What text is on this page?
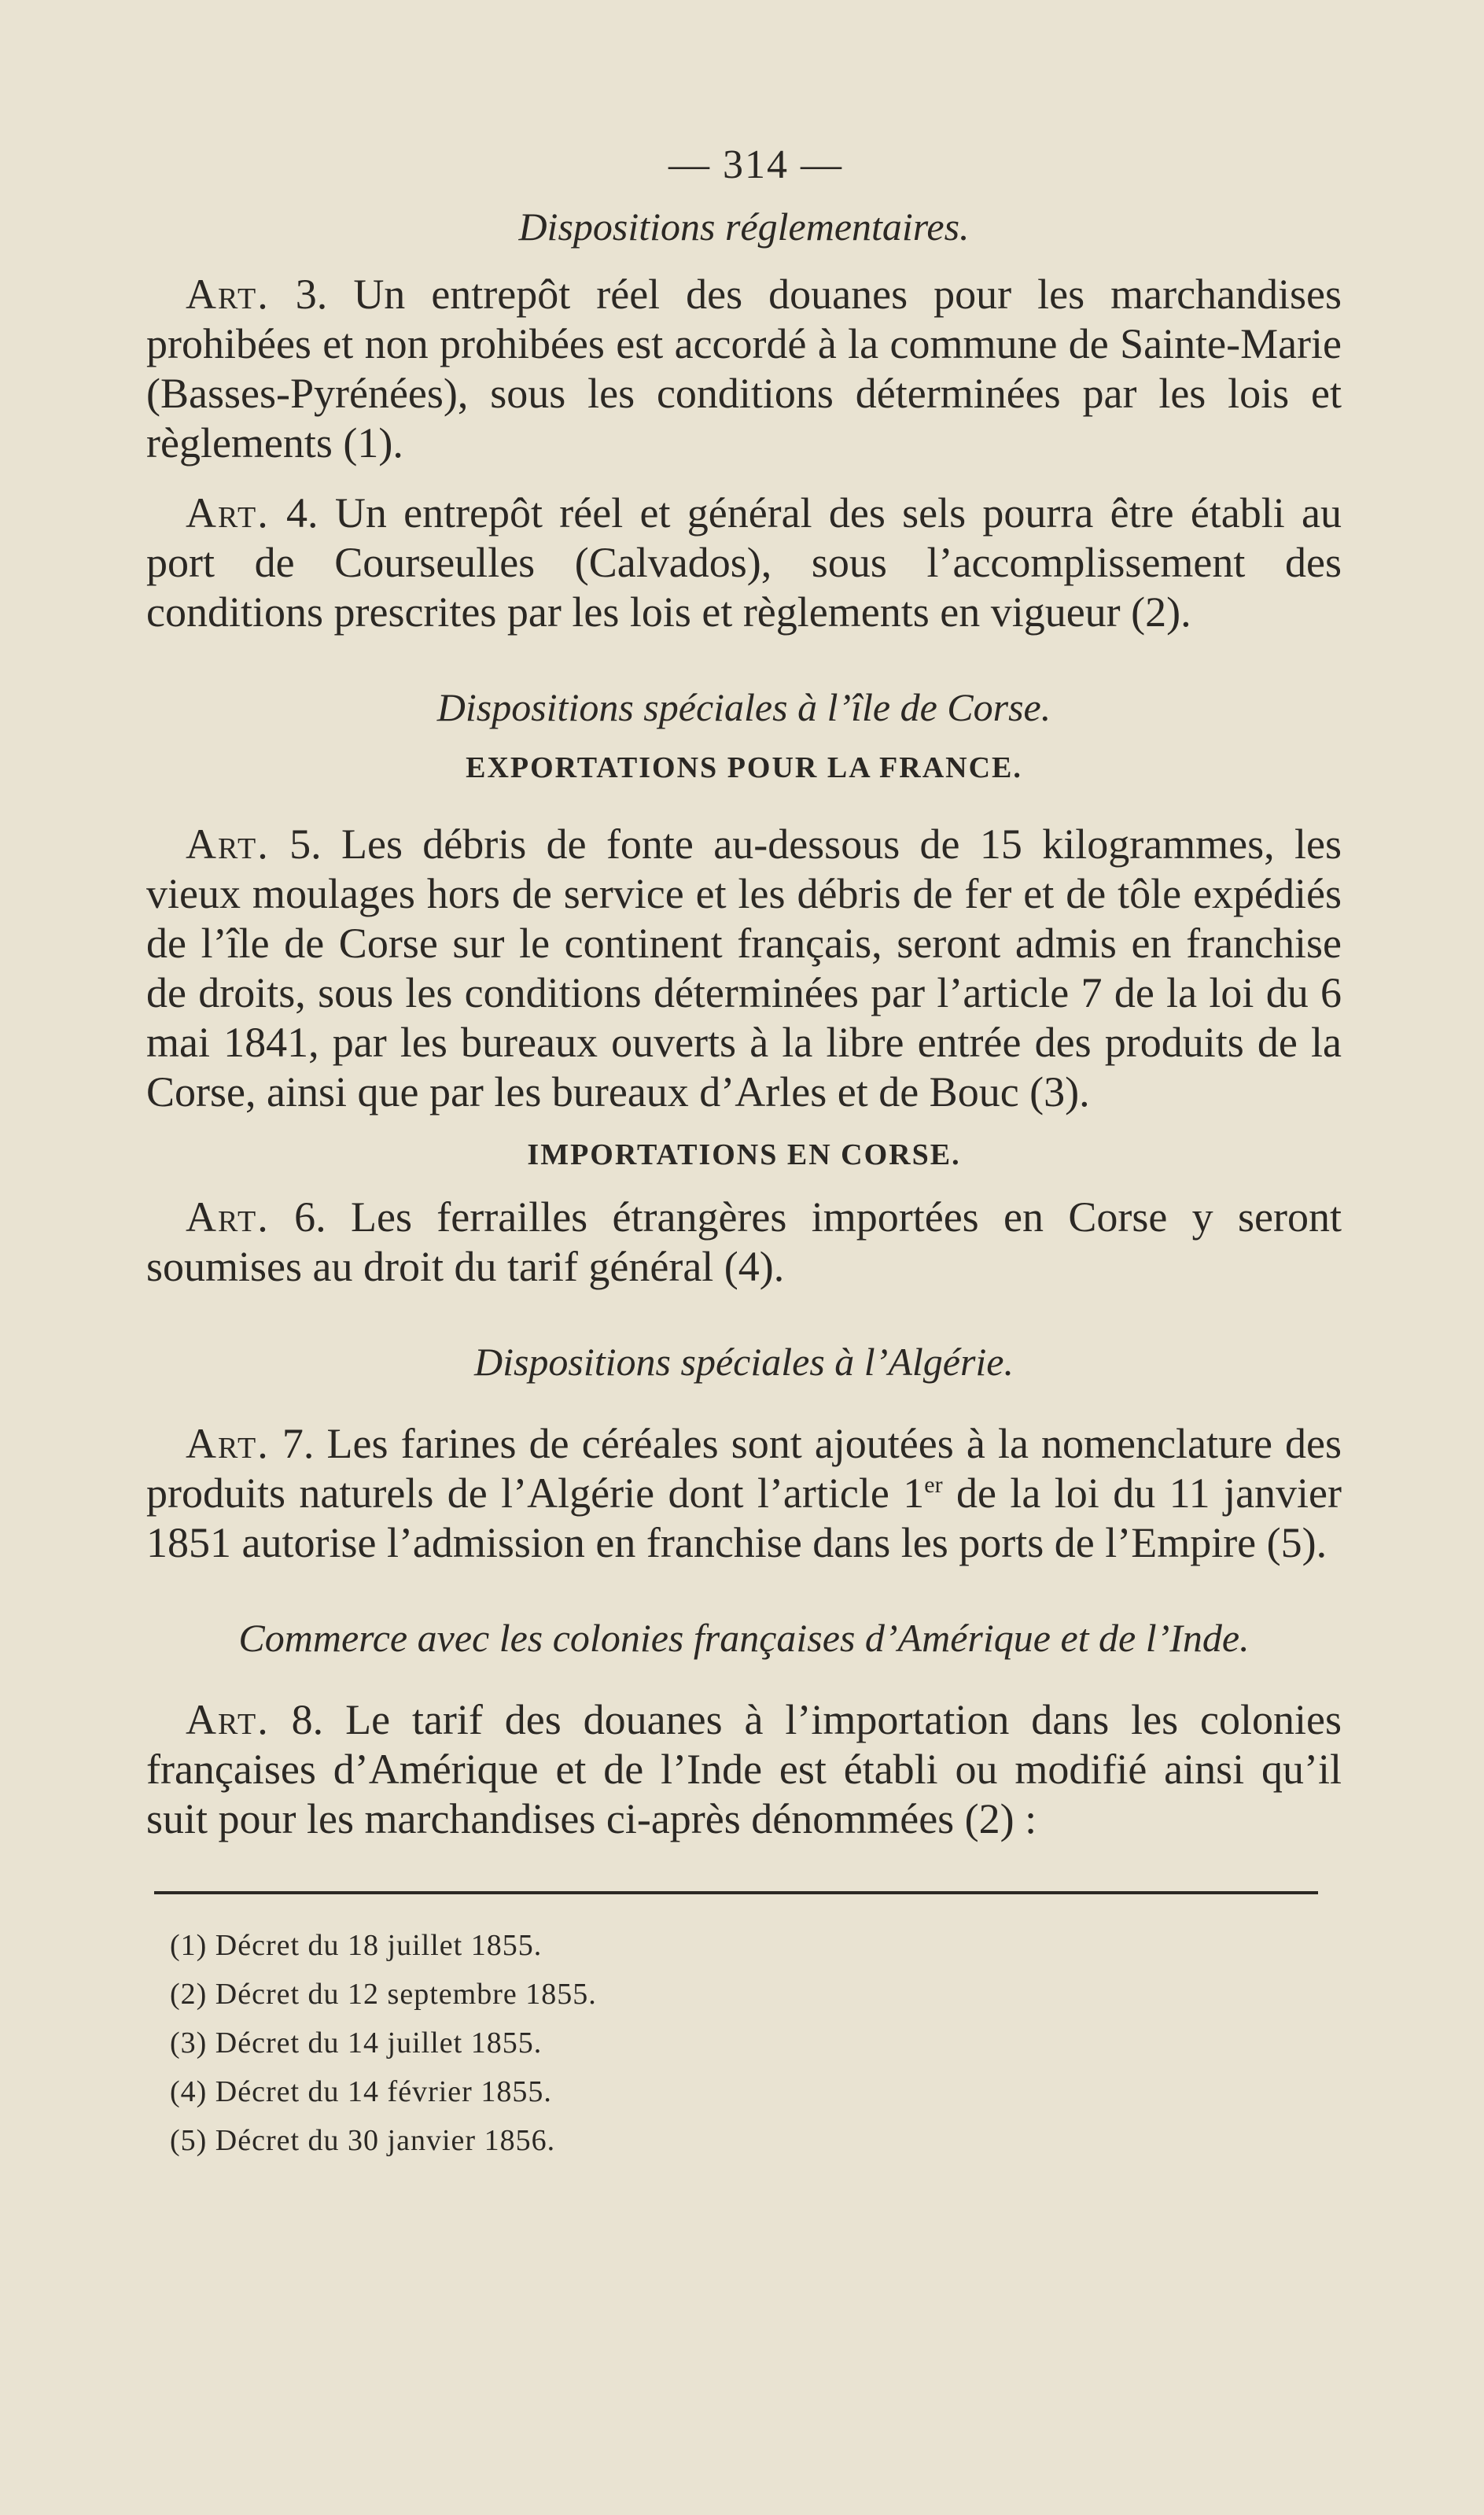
— 314 —
Dispositions réglementaires.

Art. 3. Un entrepôt réel des douanes pour les marchandises prohibées et non prohibées est accordé à la commune de Sainte-Marie (Basses-Pyrénées), sous les conditions déterminées par les lois et règlements (1).

Art. 4. Un entrepôt réel et général des sels pourra être établi au port de Courseulles (Calvados), sous l’accomplissement des conditions prescrites par les lois et règlements en vigueur (2).

Dispositions spéciales à l’île de Corse.
EXPORTATIONS POUR LA FRANCE.

Art. 5. Les débris de fonte au-dessous de 15 kilogrammes, les vieux moulages hors de service et les débris de fer et de tôle expédiés de l’île de Corse sur le continent français, seront admis en franchise de droits, sous les conditions déterminées par l’article 7 de la loi du 6 mai 1841, par les bureaux ouverts à la libre entrée des produits de la Corse, ainsi que par les bureaux d’Arles et de Bouc (3).

IMPORTATIONS EN CORSE.

Art. 6. Les ferrailles étrangères importées en Corse y seront soumises au droit du tarif général (4).

Dispositions spéciales à l’Algérie.

Art. 7. Les farines de céréales sont ajoutées à la nomenclature des produits naturels de l’Algérie dont l’article 1er de la loi du 11 janvier 1851 autorise l’admission en franchise dans les ports de l’Empire (5).

Commerce avec les colonies françaises d’Amérique et de l’Inde.

Art. 8. Le tarif des douanes à l’importation dans les colonies françaises d’Amérique et de l’Inde est établi ou modifié ainsi qu’il suit pour les marchandises ci-après dénommées (2) :

(1) Décret du 18 juillet 1855.

(2) Décret du 12 septembre 1855.

(3) Décret du 14 juillet 1855.

(4) Décret du 14 février 1855.

(5) Décret du 30 janvier 1856.
